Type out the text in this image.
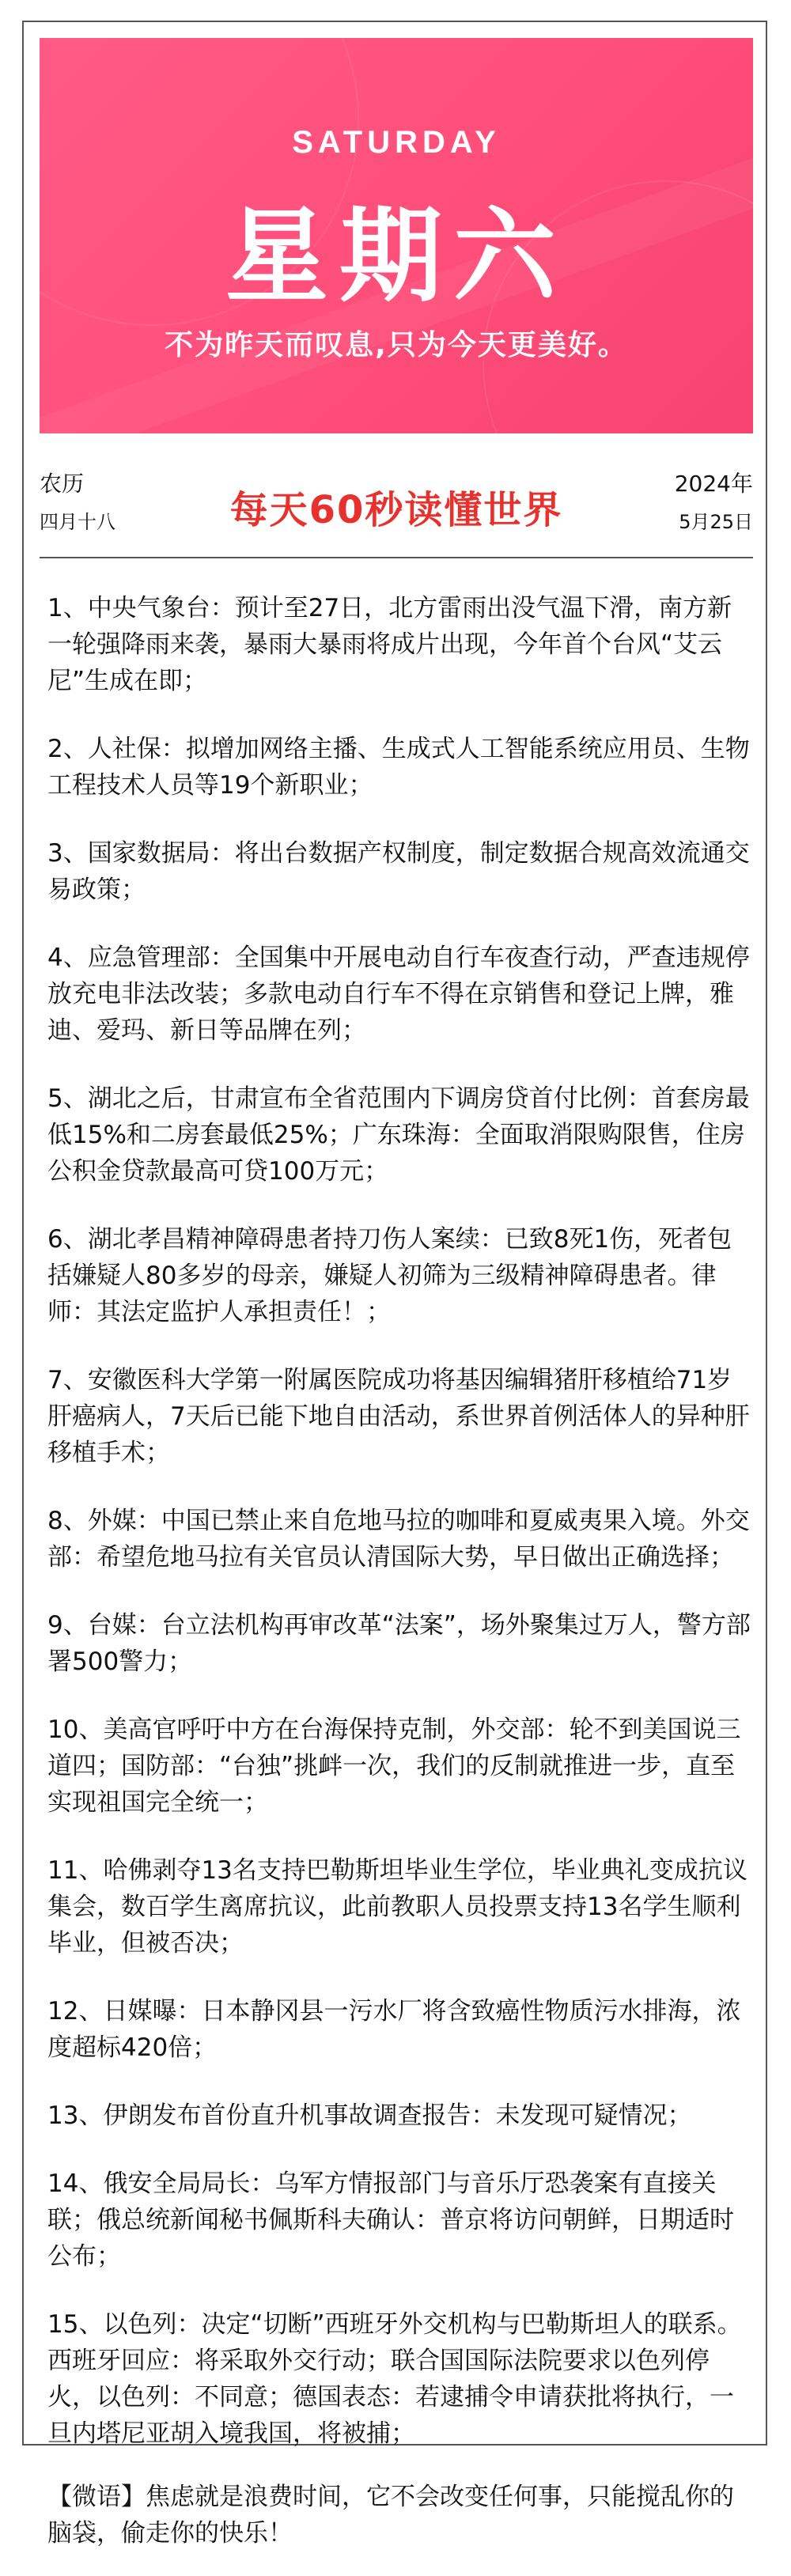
SATURDAY
星期六
不为昨天而叹息,只为今天更美好。
农历
四月十八	每天60秒读懂世界
2024年
5月25日

1、中央气象台：预计至27日，北方雷雨出没气温下滑，南方新一轮强降雨来袭，暴雨大暴雨将成片出现，今年首个台风“艾云尼”生成在即；

2、人社保：拟增加网络主播、生成式人工智能系统应用员、生物工程技术人员等19个新职业；

3、国家数据局：将出台数据产权制度，制定数据合规高效流通交易政策；

4、应急管理部：全国集中开展电动自行车夜查行动，严查违规停放充电非法改装；多款电动自行车不得在京销售和登记上牌，雅迪、爱玛、新日等品牌在列；

5、湖北之后，甘肃宣布全省范围内下调房贷首付比例：首套房最低15%和二房套最低25%；广东珠海：全面取消限购限售，住房公积金贷款最高可贷100万元；

6、湖北孝昌精神障碍患者持刀伤人案续：已致8死1伤，死者包括嫌疑人80多岁的母亲，嫌疑人初筛为三级精神障碍患者。律师：其法定监护人承担责任！；

7、安徽医科大学第一附属医院成功将基因编辑猪肝移植给71岁肝癌病人，7天后已能下地自由活动，系世界首例活体人的异种肝移植手术；

8、外媒：中国已禁止来自危地马拉的咖啡和夏威夷果入境。外交部：希望危地马拉有关官员认清国际大势，早日做出正确选择；

9、台媒：台立法机构再审改革“法案”，场外聚集过万人，警方部署500警力；

10、美高官呼吁中方在台海保持克制，外交部：轮不到美国说三道四；国防部：“台独”挑衅一次，我们的反制就推进一步，直至实现祖国完全统一；

11、哈佛剥夺13名支持巴勒斯坦毕业生学位，毕业典礼变成抗议集会，数百学生离席抗议，此前教职人员投票支持13名学生顺利毕业，但被否决；

12、日媒曝：日本静冈县一污水厂将含致癌性物质污水排海，浓度超标420倍；

13、伊朗发布首份直升机事故调查报告：未发现可疑情况；

14、俄安全局局长：乌军方情报部门与音乐厅恐袭案有直接关联；俄总统新闻秘书佩斯科夫确认：普京将访问朝鲜，日期适时公布；

15、以色列：决定“切断”西班牙外交机构与巴勒斯坦人的联系。西班牙回应：将采取外交行动；联合国国际法院要求以色列停火，以色列：不同意；德国表态：若逮捕令申请获批将执行，一旦内塔尼亚胡入境我国，将被捕；

【微语】焦虑就是浪费时间，它不会改变任何事，只能搅乱你的脑袋，偷走你的快乐！
